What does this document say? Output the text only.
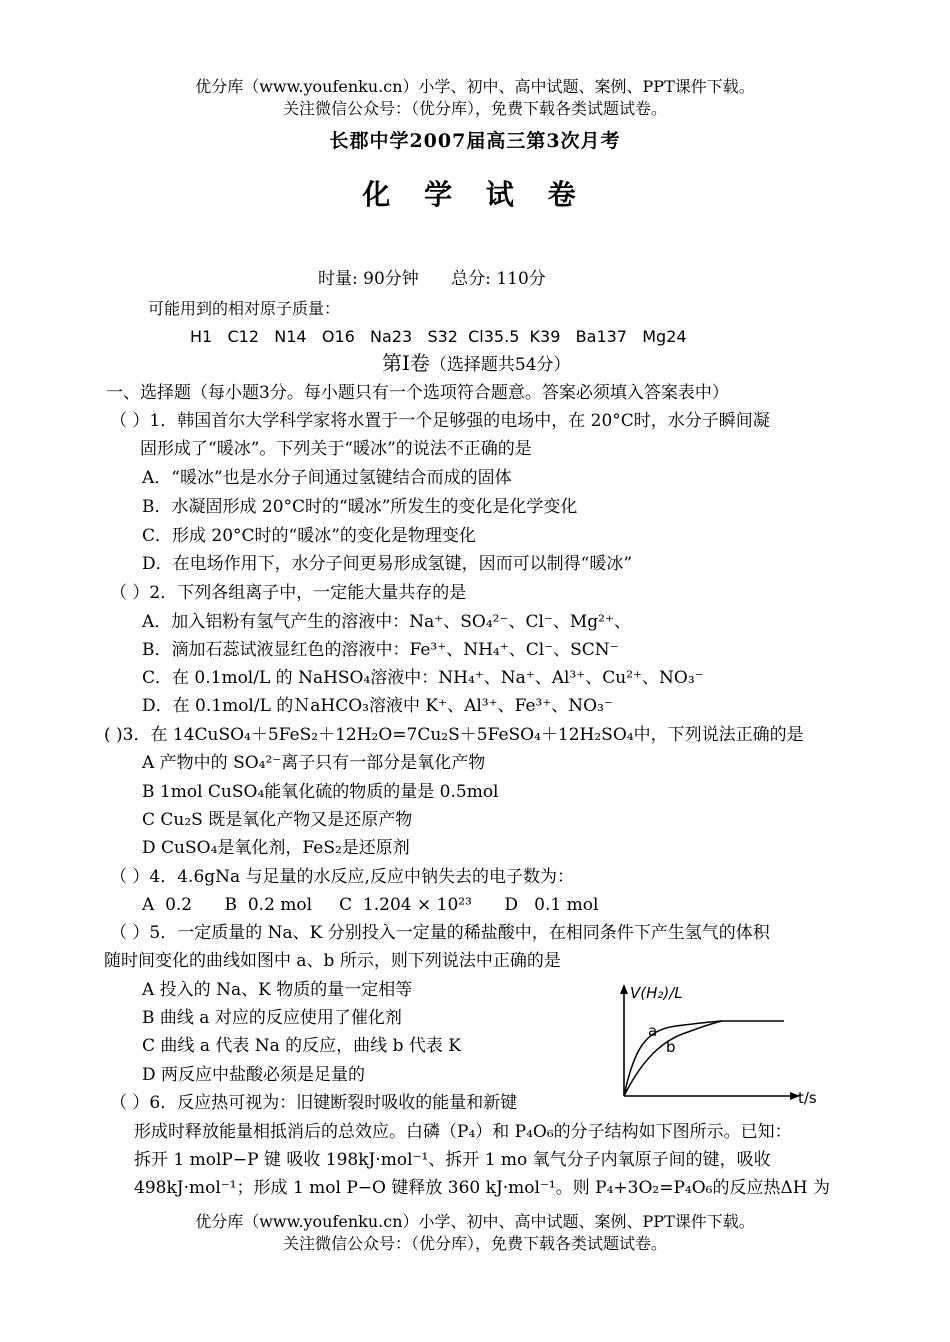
优分库（www.youfenku.cn）小学、初中、高中试题、案例、PPT课件下载。
关注微信公众号：（优分库），免费下载各类试题试卷。
长郡中学2007届高三第3次月考
化 学 试 卷
时量: 90分钟      总分: 110分
可能用到的相对原子质量：
H1   C12   N14   O16   Na23   S32  Cl35.5  K39   Ba137   Mg24
第Ⅰ卷（选择题共54分）
一、选择题（每小题3分。每小题只有一个选项符合题意。答案必须填入答案表中）
（ ）1．韩国首尔大学科学家将水置于一个足够强的电场中，在 20°C时，水分子瞬间凝
固形成了“暖冰”。下列关于“暖冰”的说法不正确的是
A．“暖冰”也是水分子间通过氢键结合而成的固体
B．水凝固形成 20°C时的“暖冰”所发生的变化是化学变化
C．形成 20°C时的“暖冰”的变化是物理变化
D．在电场作用下，水分子间更易形成氢键，因而可以制得“暖冰”
（ ）2．下列各组离子中，一定能大量共存的是
A．加入铝粉有氢气产生的溶液中：Na⁺、SO₄²⁻、Cl⁻、Mg²⁺、
B．滴加石蕊试液显红色的溶液中：Fe³⁺、NH₄⁺、Cl⁻、SCN⁻
C．在 0.1mol/L 的 NaHSO₄溶液中：NH₄⁺、Na⁺、Al³⁺、Cu²⁺、NO₃⁻
D．在 0.1mol/L 的ＮaHCO₃溶液中 K⁺、Al³⁺、Fe³⁺、NO₃⁻
( )3．在 14CuSO₄＋5FeS₂＋12H₂O=7Cu₂S＋5FeSO₄＋12H₂SO₄中，下列说法正确的是
A 产物中的 SO₄²⁻离子只有一部分是氧化产物
B 1mol CuSO₄能氧化硫的物质的量是 0.5mol
C Cu₂S 既是氧化产物又是还原产物
D CuSO₄是氧化剂，FeS₂是还原剂
（ ）4．4.6gNa 与足量的水反应,反应中钠失去的电子数为：
A  0.2      B  0.2 mol     C  1.204 × 10²³      D   0.1 mol
（ ）5．一定质量的 Na、K 分别投入一定量的稀盐酸中，在相同条件下产生氢气的体积
随时间变化的曲线如图中 a、b 所示，则下列说法中正确的是
A 投入的 Na、K 物质的量一定相等
B 曲线 a 对应的反应使用了催化剂
C 曲线 a 代表 Na 的反应，曲线 b 代表 K
D 两反应中盐酸必须是足量的
V(H₂)/L
t/s
a
b
（ ）6．反应热可视为：旧键断裂时吸收的能量和新键
形成时释放能量相抵消后的总效应。白磷（P₄）和 P₄O₆的分子结构如下图所示。已知：
拆开 1 molP−P 键 吸收 198kJ·mol⁻¹、拆开 1 mo 氧气分子内氧原子间的键，吸收
498kJ·mol⁻¹；形成 1 mol P−O 键释放 360 kJ·mol⁻¹。则 P₄+3O₂=P₄O₆的反应热ΔH 为
优分库（www.youfenku.cn）小学、初中、高中试题、案例、PPT课件下载。
关注微信公众号：（优分库），免费下载各类试题试卷。
